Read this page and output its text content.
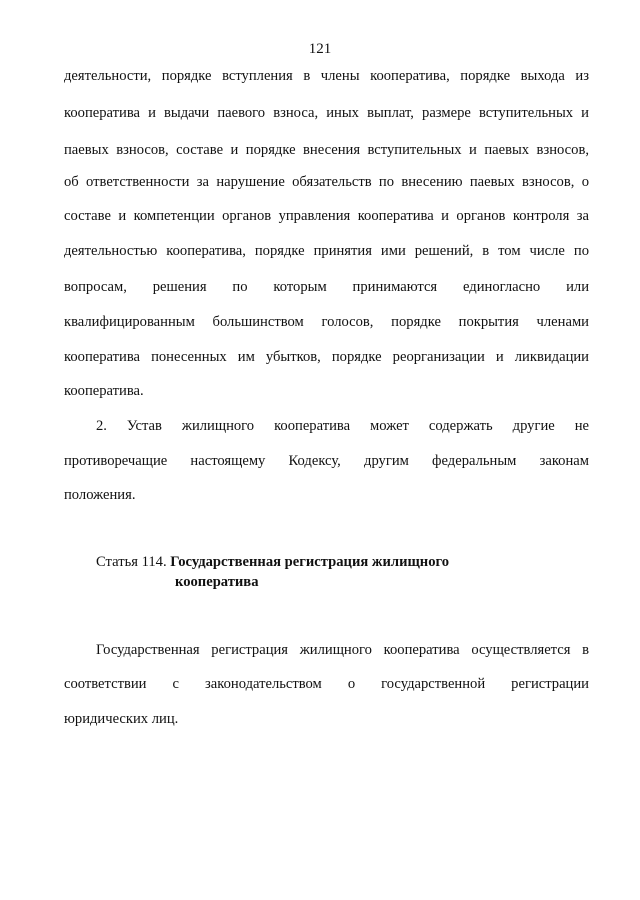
121
деятельности, порядке вступления в члены кооператива, порядке выхода из
кооператива и выдачи паевого взноса, иных выплат, размере вступительных и
паевых взносов, составе и порядке внесения вступительных и паевых взносов,
об ответственности за нарушение обязательств по внесению паевых взносов, о
составе и компетенции органов управления кооператива и органов контроля за
деятельностью кооператива, порядке принятия ими решений, в том числе по
вопросам, решения по которым принимаются единогласно или
квалифицированным большинством голосов, порядке покрытия членами
кооператива понесенных им убытков, порядке реорганизации и ликвидации
кооператива.
2. Устав жилищного кооператива может содержать другие не
противоречащие настоящему Кодексу, другим федеральным законам
положения.
Статья 114. Государственная регистрация жилищного
кооператива
Государственная регистрация жилищного кооператива осуществляется в
соответствии с законодательством о государственной регистрации
юридических лиц.
